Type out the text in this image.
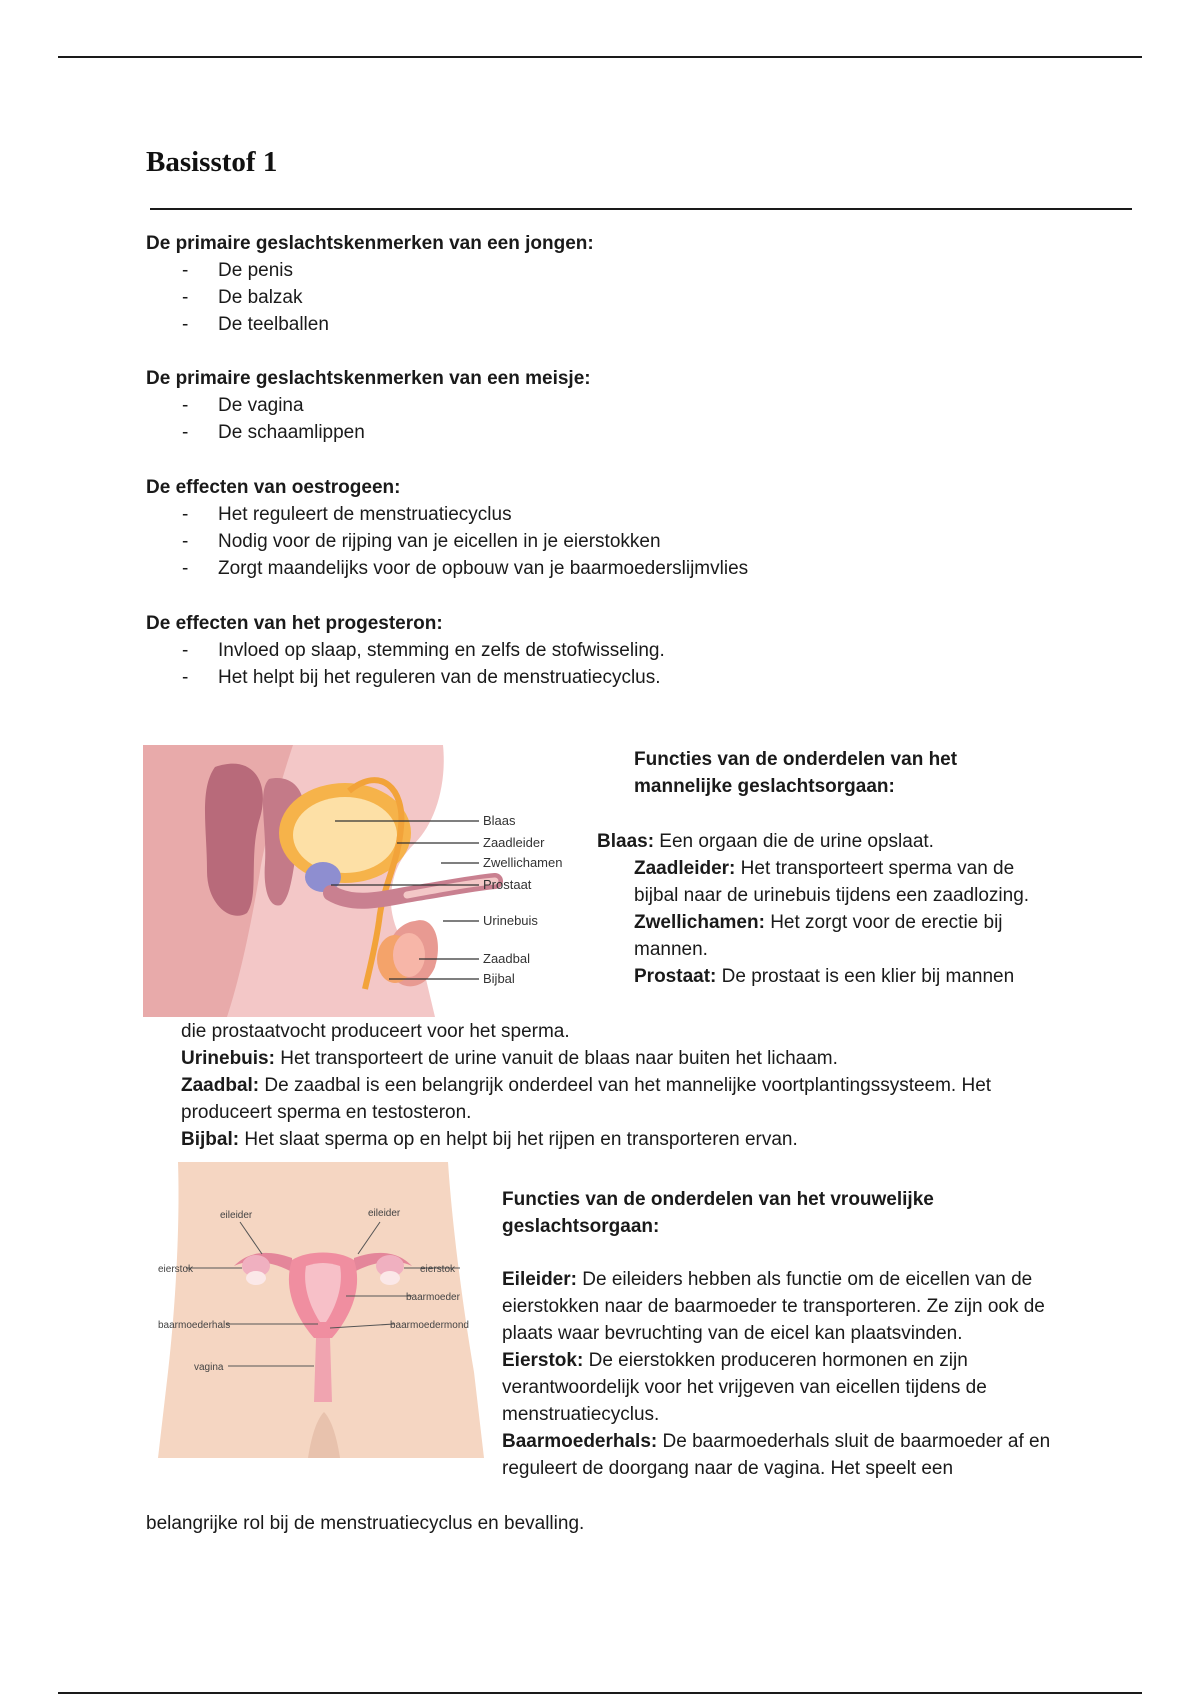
Basisstof 1
De primaire geslachtskenmerken van een jongen:
- De penis
- De balzak
- De teelballen
De primaire geslachtskenmerken van een meisje:
- De vagina
- De schaamlippen
De effecten van oestrogeen:
- Het reguleert de menstruatiecyclus
- Nodig voor de rijping van je eicellen in je eierstokken
- Zorgt maandelijks voor de opbouw van je baarmoederslijmvlies
De effecten van het progesteron:
- Invloed op slaap, stemming en zelfs de stofwisseling.
- Het helpt bij het reguleren van de menstruatiecyclus.
Blaas
Zaadleider
Zwellichamen
Prostaat
Urinebuis
Zaadbal
Bijbal
Functies van de onderdelen van het mannelijke geslachtsorgaan:

Blaas: Een orgaan die de urine opslaat.

Zaadleider: Het transporteert sperma van de bijbal naar de urinebuis tijdens een zaadlozing.

Zwellichamen: Het zorgt voor de erectie bij mannen.

Prostaat: De prostaat is een klier bij mannen

die prostaatvocht produceert voor het sperma.

Urinebuis: Het transporteert de urine vanuit de blaas naar buiten het lichaam.

Zaadbal: De zaadbal is een belangrijk onderdeel van het mannelijke voortplantingssysteem. Het produceert sperma en testosteron.

Bijbal: Het slaat sperma op en helpt bij het rijpen en transporteren ervan.

eileider	eileider
eierstok	eierstok
baarmoeder
baarmoederhals	baarmoedermond
vagina
Functies van de onderdelen van het vrouwelijke geslachtsorgaan:

Eileider: De eileiders hebben als functie om de eicellen van de eierstokken naar de baarmoeder te transporteren. Ze zijn ook de plaats waar bevruchting van de eicel kan plaatsvinden.

Eierstok: De eierstokken produceren hormonen en zijn verantwoordelijk voor het vrijgeven van eicellen tijdens de menstruatiecyclus.

Baarmoederhals: De baarmoederhals sluit de baarmoeder af en reguleert de doorgang naar de vagina. Het speelt een

belangrijke rol bij de menstruatiecyclus en bevalling.
